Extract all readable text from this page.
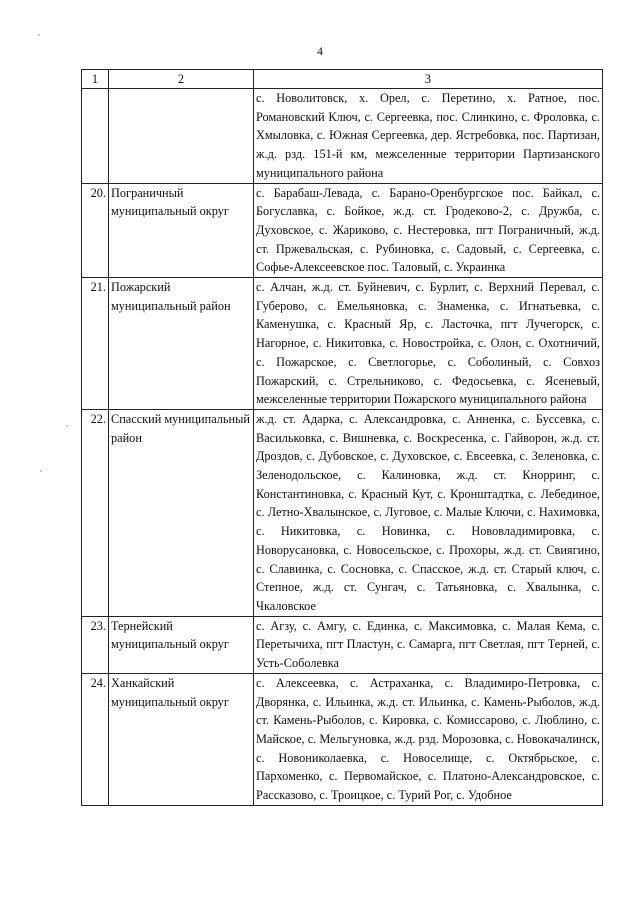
4
1	2	3
		с. Новолитовск, х. Орел, с. Перетино, х. Ратное, пос. Романовский Ключ, с. Сергеевка, пос. Слинкино, с. Фроловка, с. Хмыловка, с. Южная Сергеевка, дер. Ястребовка, пос. Партизан, ж.д. рзд. 151-й км, межселенные территории Партизанского муниципального района
20.	Пограничный муниципальный округ	с. Барабаш-Левада, с. Барано-Оренбургское пос. Байкал, с. Богуславка, с. Бойкое, ж.д. ст. Гродеково-2, с. Дружба, с. Духовское, с. Жариково, с. Нестеровка, пгт Пограничный, ж.д. ст. Пржевальская, с. Рубиновка, с. Садовый, с. Сергеевка, с. Софье-Алексеевское пос. Таловый, с. Украинка
21.	Пожарский муниципальный район	с. Алчан, ж.д. ст. Буйневич, с. Бурлит, с. Верхний Перевал, с. Губерово, с. Емельяновка, с. Знаменка, с. Игнатьевка, с. Каменушка, с. Красный Яр, с. Ласточка, пгт Лучегорск, с. Нагорное, с. Никитовка, с. Новостройка, с. Олон, с. Охотничий, с. Пожарское, с. Светлогорье, с. Соболиный, с. Совхоз Пожарский, с. Стрельниково, с. Федосьевка, с. Ясеневый, межселенные территории Пожарского муниципального района
22.	Спасский муниципальный район	ж.д. ст. Адарка, с. Александровка, с. Анненка, с. Буссевка, с. Васильковка, с. Вишневка, с. Воскресенка, с. Гайворон, ж.д. ст. Дроздов, с. Дубовское, с. Духовское, с. Евсеевка, с. Зеленовка, с. Зеленодольское, с. Калиновка, ж.д. ст. Кнорринг, с. Константиновка, с. Красный Кут, с. Кронштадтка, с. Лебединое, с. Летно-Хвалынское, с. Луговое, с. Малые Ключи, с. Нахимовка, с. Никитовка, с. Новинка, с. Нововладимировка, с. Новорусановка, с. Новосельское, с. Прохоры, ж.д. ст. Свиягино, с. Славинка, с. Сосновка, с. Спасское, ж.д. ст. Старый ключ, с. Степное, ж.д. ст. Сунгач, с. Татьяновка, с. Хвалынка, с. Чкаловское
23.	Тернейский муниципальный округ	с. Агзу, с. Амгу, с. Единка, с. Максимовка, с. Малая Кема, с. Перетычиха, пгт Пластун, с. Самарга, пгт Светлая, пгт Терней, с. Усть-Соболевка
24.	Ханкайский муниципальный округ	с. Алексеевка, с. Астраханка, с. Владимиро-Петровка, с. Дворянка, с. Ильинка, ж.д. ст. Ильинка, с. Камень-Рыболов, ж.д. ст. Камень-Рыболов, с. Кировка, с. Комиссарово, с. Люблино, с. Майское, с. Мельгуновка, ж.д. рзд. Морозовка, с. Новокачалинск, с. Новониколаевка, с. Новоселище, с. Октябрьское, с. Пархоменко, с. Первомайское, с. Платоно-Александровское, с. Рассказово, с. Троицкое, с. Турий Рог, с. Удобное
